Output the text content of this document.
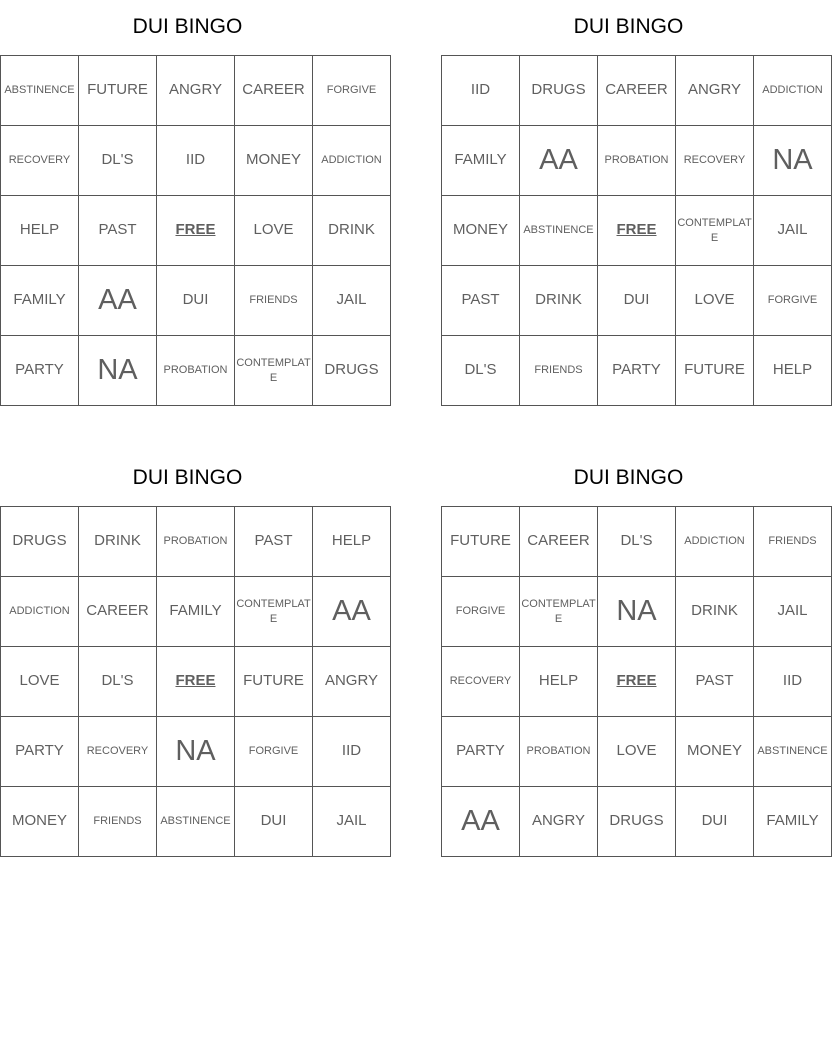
DUI BINGO
ABSTINENCE	FUTURE	ANGRY	CAREER	FORGIVE
RECOVERY	DL'S	IID	MONEY	ADDICTION
HELP	PAST	FREE	LOVE	DRINK
FAMILY	AA	DUI	FRIENDS	JAIL
PARTY	NA	PROBATION	CONTEMPLATE	DRUGS
DUI BINGO
IID	DRUGS	CAREER	ANGRY	ADDICTION
FAMILY	AA	PROBATION	RECOVERY	NA
MONEY	ABSTINENCE	FREE	CONTEMPLATE	JAIL
PAST	DRINK	DUI	LOVE	FORGIVE
DL'S	FRIENDS	PARTY	FUTURE	HELP
DUI BINGO
DRUGS	DRINK	PROBATION	PAST	HELP
ADDICTION	CAREER	FAMILY	CONTEMPLATE	AA
LOVE	DL'S	FREE	FUTURE	ANGRY
PARTY	RECOVERY	NA	FORGIVE	IID
MONEY	FRIENDS	ABSTINENCE	DUI	JAIL
DUI BINGO
FUTURE	CAREER	DL'S	ADDICTION	FRIENDS
FORGIVE	CONTEMPLATE	NA	DRINK	JAIL
RECOVERY	HELP	FREE	PAST	IID
PARTY	PROBATION	LOVE	MONEY	ABSTINENCE
AA	ANGRY	DRUGS	DUI	FAMILY
